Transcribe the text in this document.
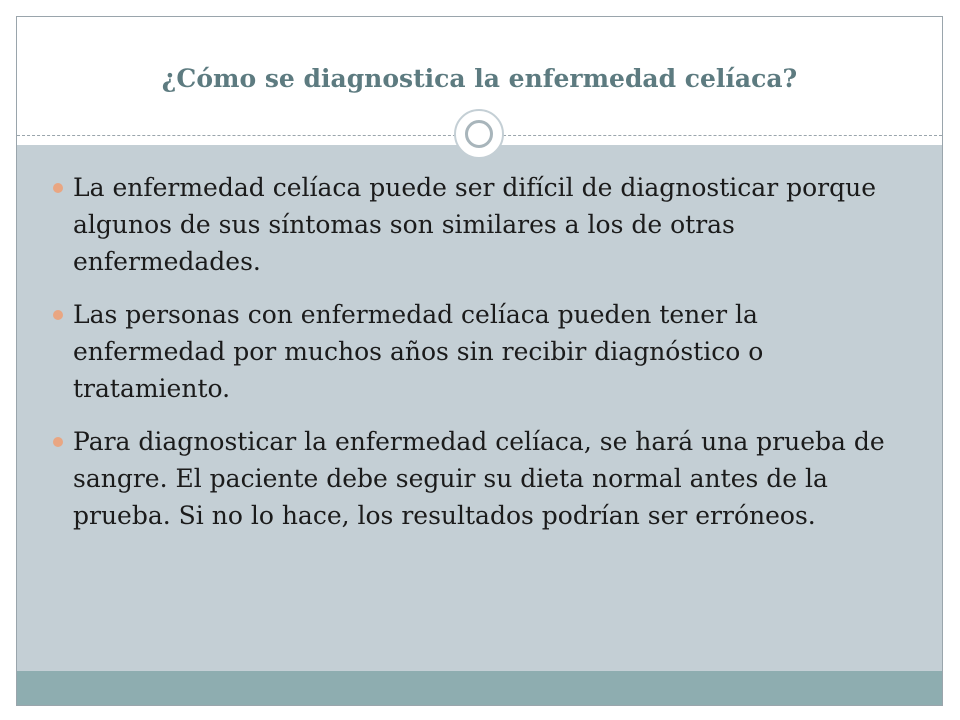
¿Cómo se diagnostica la enfermedad celíaca?
La enfermedad celíaca puede ser difícil de diagnosticar porque algunos de sus síntomas son similares a los de otras enfermedades.
Las personas con enfermedad celíaca pueden tener la enfermedad por muchos años sin recibir diagnóstico o tratamiento.
Para diagnosticar la enfermedad celíaca, se hará una prueba de sangre. El paciente debe seguir su dieta normal antes de la prueba. Si no lo hace, los resultados podrían ser erróneos.
